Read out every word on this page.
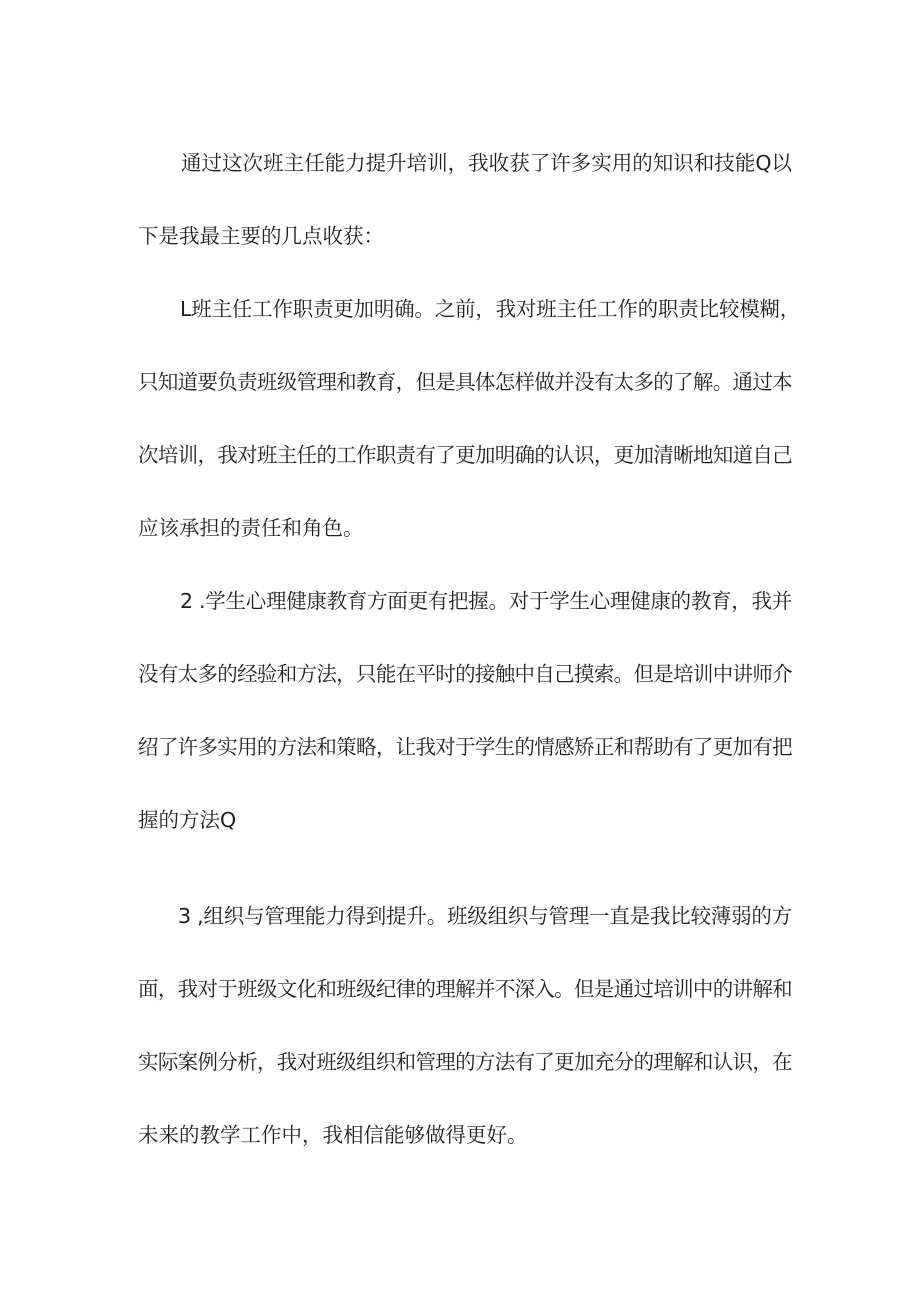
通过这次班主任能力提升培训，我收获了许多实用的知识和技能Q以
下是我最主要的几点收获：
L班主任工作职责更加明确。之前，我对班主任工作的职责比较模糊，
只知道要负责班级管理和教育，但是具体怎样做并没有太多的了解。通过本
次培训，我对班主任的工作职责有了更加明确的认识，更加清晰地知道自己
应该承担的责任和角色。
2 .学生心理健康教育方面更有把握。对于学生心理健康的教育，我并
没有太多的经验和方法，只能在平时的接触中自己摸索。但是培训中讲师介
绍了许多实用的方法和策略，让我对于学生的情感矫正和帮助有了更加有把
握的方法Q
3 ,组织与管理能力得到提升。班级组织与管理一直是我比较薄弱的方
面，我对于班级文化和班级纪律的理解并不深入。但是通过培训中的讲解和
实际案例分析，我对班级组织和管理的方法有了更加充分的理解和认识，在
未来的教学工作中，我相信能够做得更好。
